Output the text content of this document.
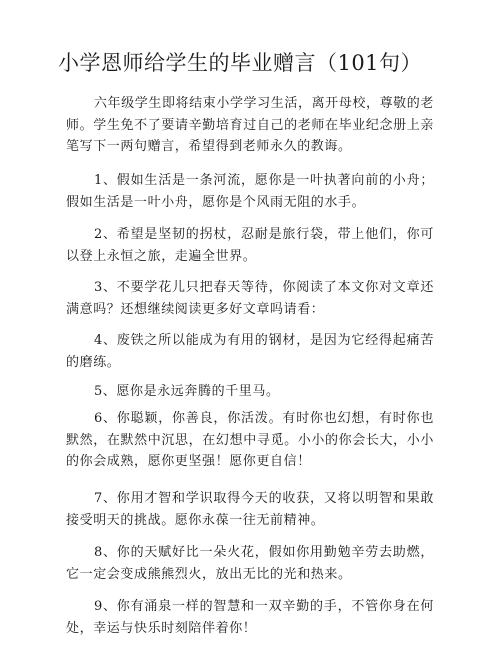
小学恩师给学生的毕业赠言（101句）

六年级学生即将结束小学学习生活，离开母校，尊敬的老师。学生免不了要请辛勤培育过自己的老师在毕业纪念册上亲笔写下一两句赠言，希望得到老师永久的教诲。

1、假如生活是一条河流，愿你是一叶执著向前的小舟；假如生活是一叶小舟，愿你是个风雨无阻的水手。

2、希望是坚韧的拐杖，忍耐是旅行袋，带上他们，你可以登上永恒之旅，走遍全世界。

3、不要学花儿只把春天等待，你阅读了本文你对文章还满意吗？还想继续阅读更多好文章吗请看：

4、废铁之所以能成为有用的钢材，是因为它经得起痛苦的磨练。

5、愿你是永远奔腾的千里马。

6、你聪颖，你善良，你活泼。有时你也幻想，有时你也默然，在默然中沉思，在幻想中寻觅。小小的你会长大，小小的你会成熟，愿你更坚强！愿你更自信！

7、你用才智和学识取得今天的收获，又将以明智和果敢接受明天的挑战。愿你永葆一往无前精神。

8、你的天赋好比一朵火花，假如你用勤勉辛劳去助燃，它一定会变成熊熊烈火，放出无比的光和热来。

9、你有涌泉一样的智慧和一双辛勤的手，不管你身在何处，幸运与快乐时刻陪伴着你！
